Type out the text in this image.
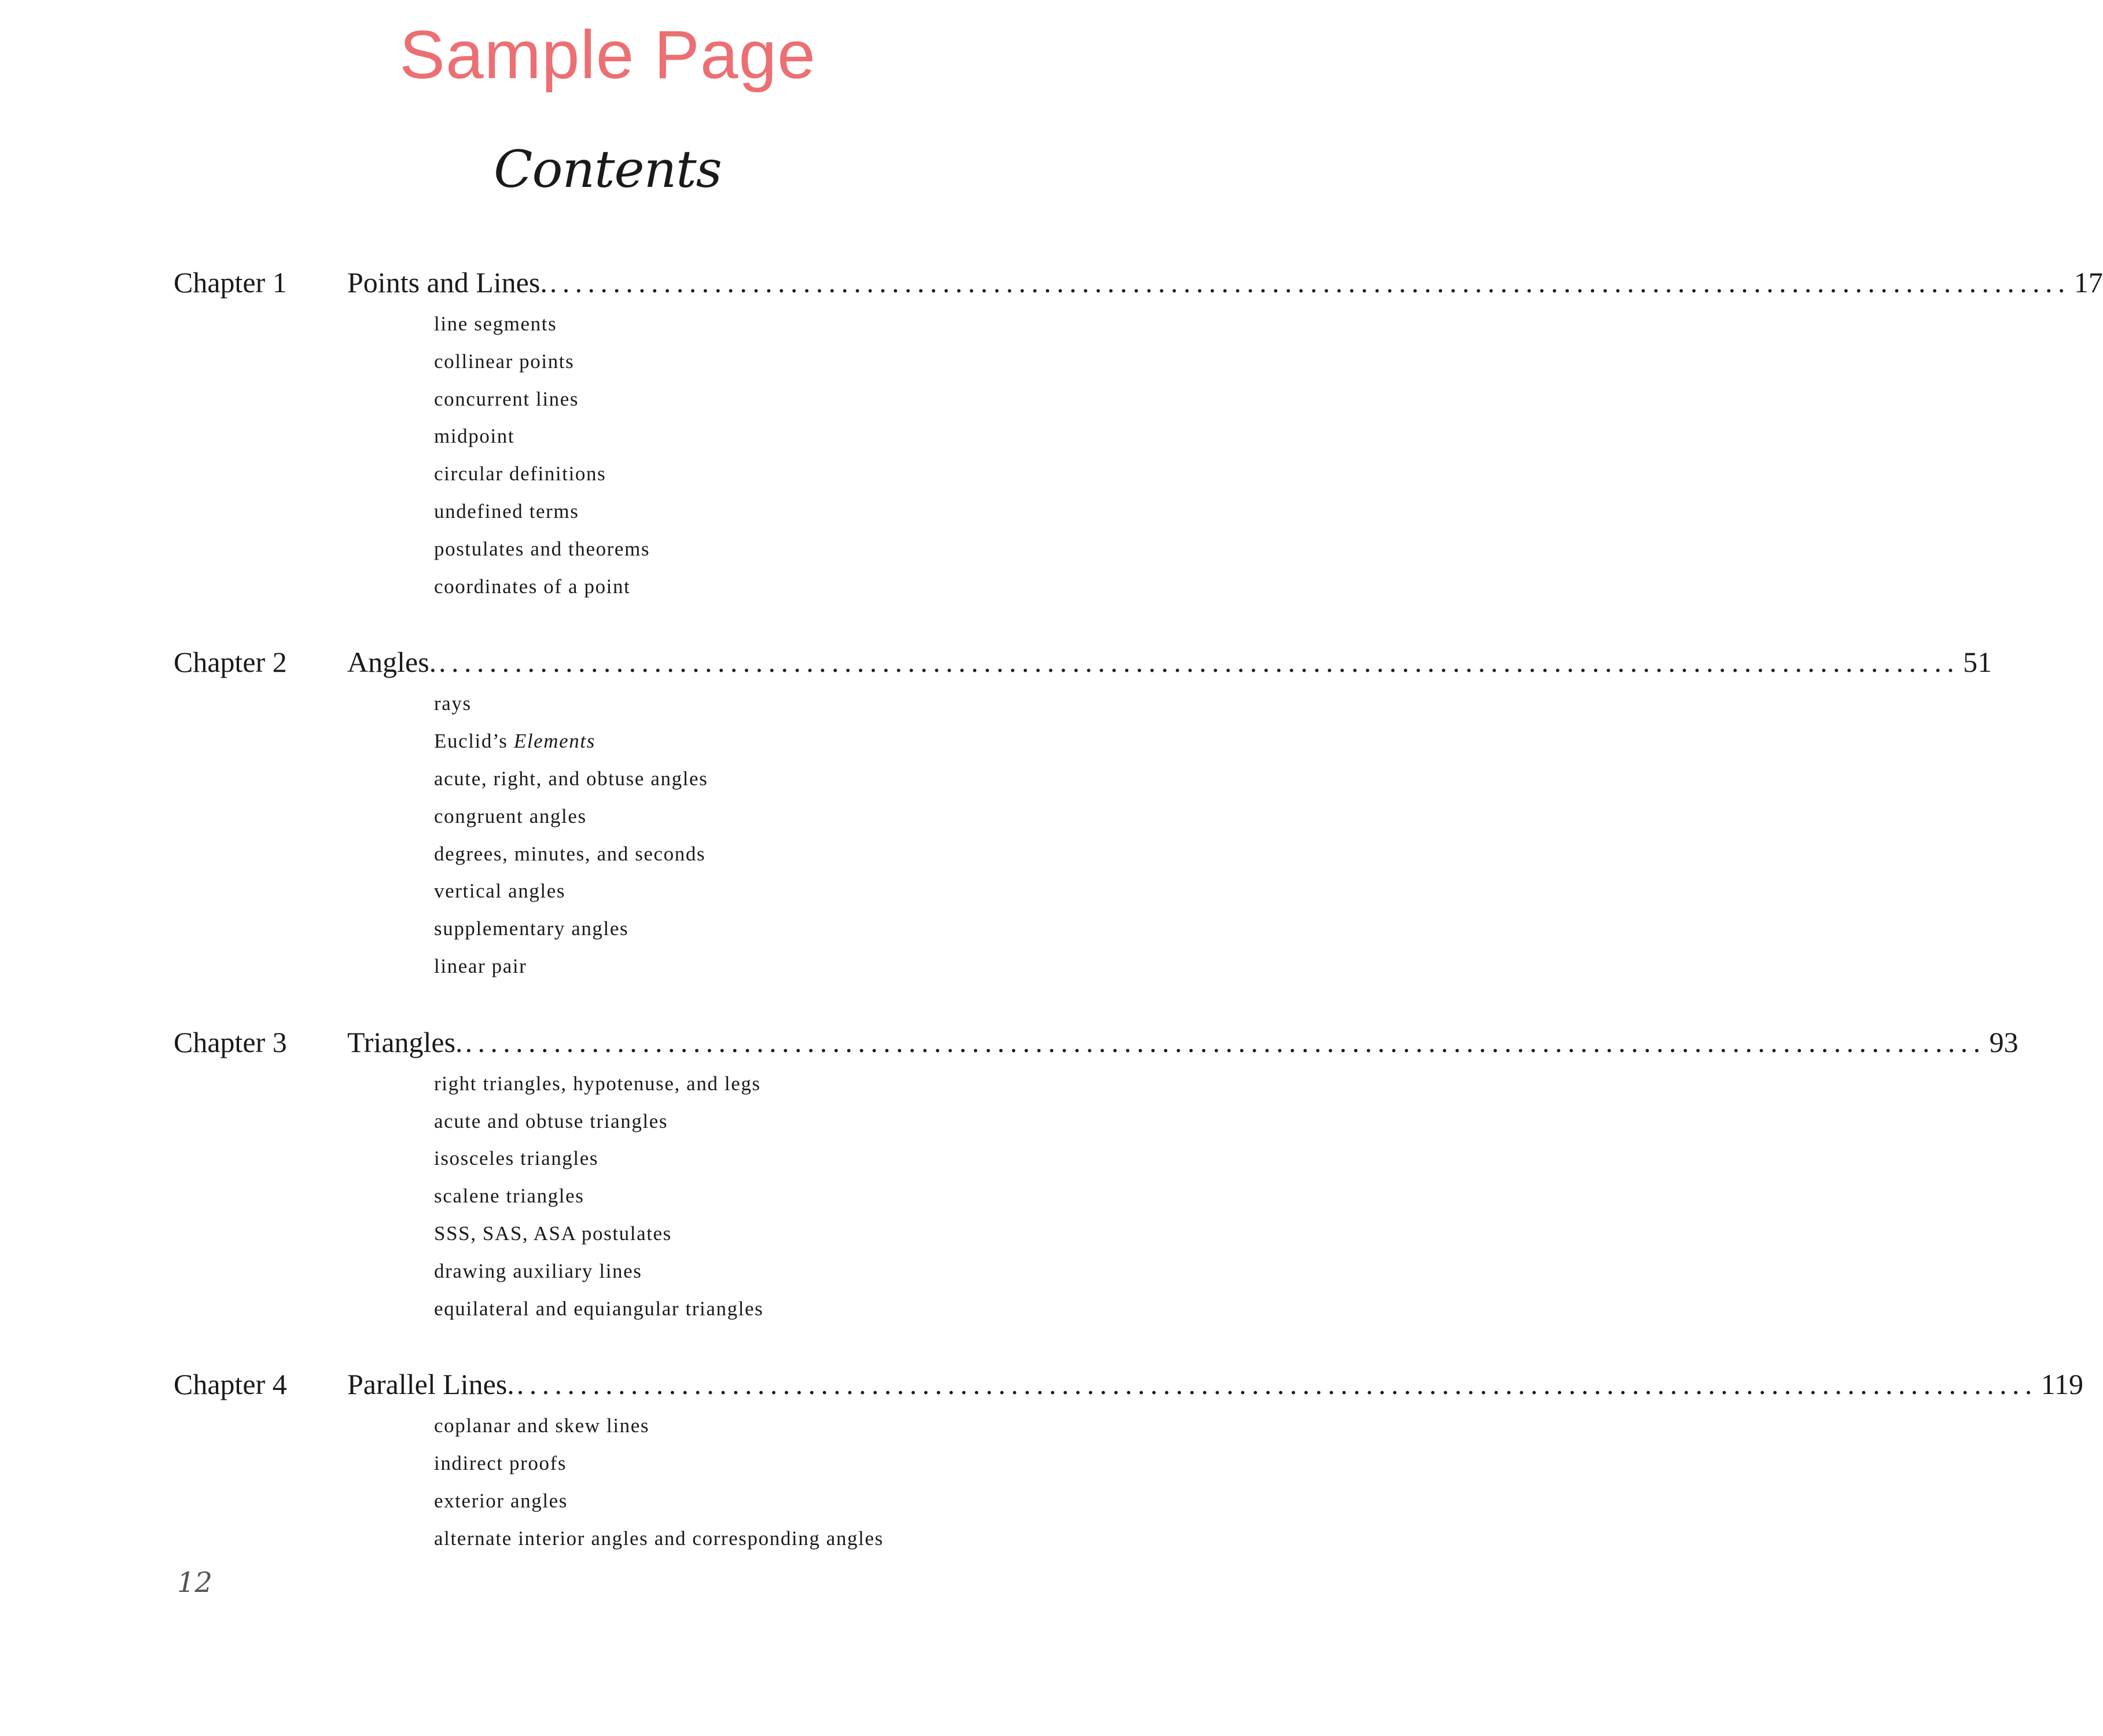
Sample Page
Contents
Chapter 1	Points and Lines. ........................................................................................................................ 17
line segments
collinear points
concurrent lines
midpoint
circular definitions
undefined terms
postulates and theorems
coordinates of a point
Chapter 2	Angles. ........................................................................................................................ 51
rays
Euclid’s Elements
acute, right, and obtuse angles
congruent angles
degrees, minutes, and seconds
vertical angles
supplementary angles
linear pair
Chapter 3	Triangles. ........................................................................................................................ 93
right triangles, hypotenuse, and legs
acute and obtuse triangles
isosceles triangles
scalene triangles
SSS, SAS, ASA postulates
drawing auxiliary lines
equilateral and equiangular triangles
Chapter 4	Parallel Lines. ........................................................................................................................ 119
coplanar and skew lines
indirect proofs
exterior angles
alternate interior angles and corresponding angles
12
